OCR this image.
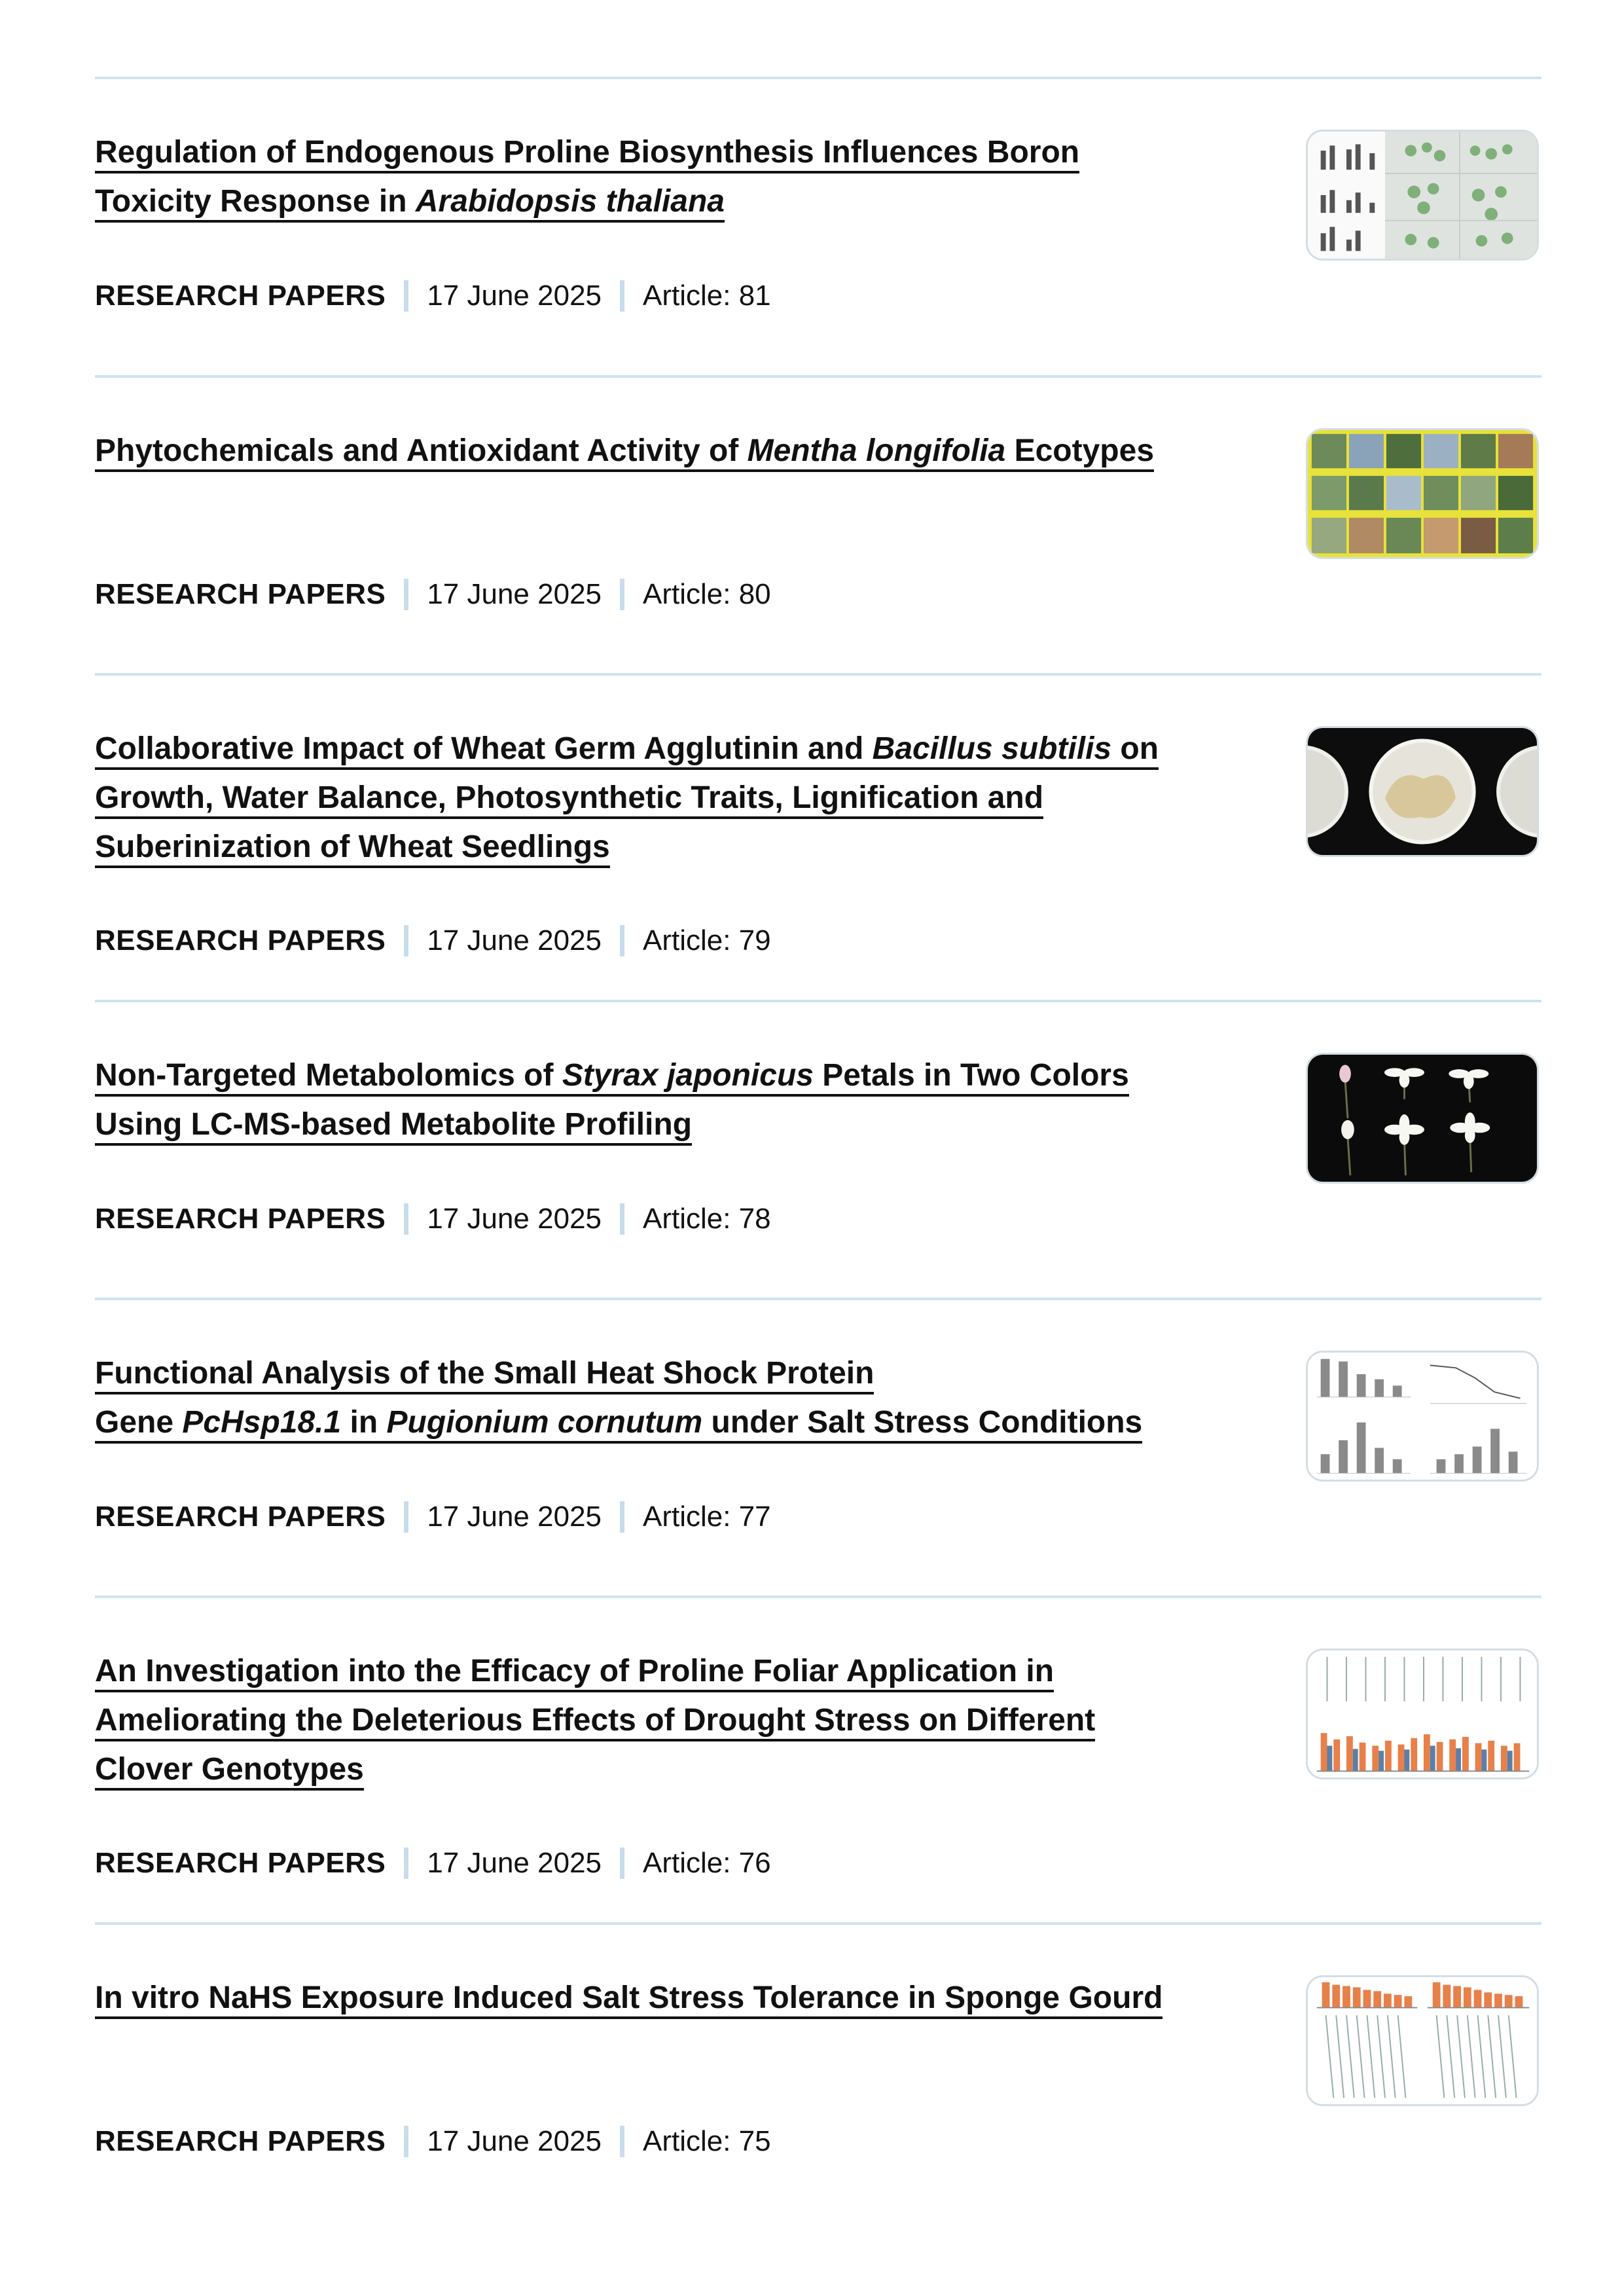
Regulation of Endogenous Proline Biosynthesis Influences Boron
Toxicity Response in Arabidopsis thaliana
RESEARCH PAPERS 17 June 2025 Article: 81
Phytochemicals and Antioxidant Activity of Mentha longifolia Ecotypes
RESEARCH PAPERS 17 June 2025 Article: 80
Collaborative Impact of Wheat Germ Agglutinin and Bacillus subtilis on
Growth, Water Balance, Photosynthetic Traits, Lignification and
Suberinization of Wheat Seedlings
RESEARCH PAPERS 17 June 2025 Article: 79
Non-Targeted Metabolomics of Styrax japonicus Petals in Two Colors
Using LC-MS-based Metabolite Profiling
RESEARCH PAPERS 17 June 2025 Article: 78
Functional Analysis of the Small Heat Shock Protein
Gene PcHsp18.1 in Pugionium cornutum under Salt Stress Conditions
RESEARCH PAPERS 17 June 2025 Article: 77
An Investigation into the Efficacy of Proline Foliar Application in
Ameliorating the Deleterious Effects of Drought Stress on Different
Clover Genotypes
RESEARCH PAPERS 17 June 2025 Article: 76
In vitro NaHS Exposure Induced Salt Stress Tolerance in Sponge Gourd
RESEARCH PAPERS 17 June 2025 Article: 75
